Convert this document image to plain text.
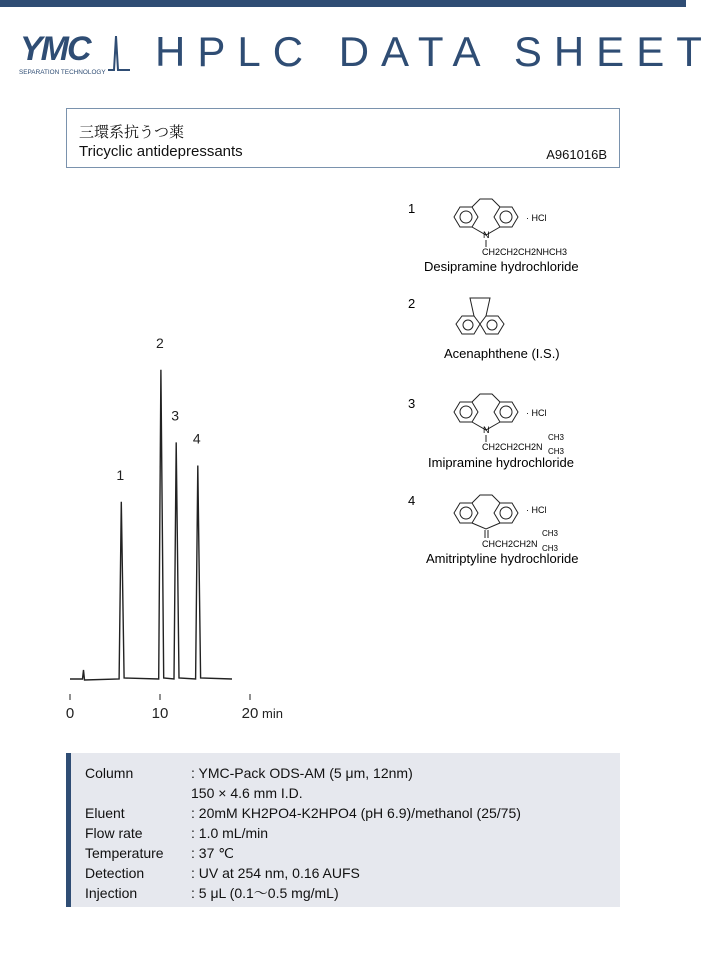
YMC
SEPARATION TECHNOLOGY HPLC DATA SHEET
三環系抗うつ薬
Tricyclic antidepressants	A961016B
0	10	20
1
2
3
4
min
1
N
· HCl
CH2CH2CH2NHCH3
Desipramine hydrochloride
2
Acenaphthene (I.S.)
3
N
· HCl
CH2CH2CH2N
CH3
CH3
Imipramine hydrochloride
4
· HCl
CHCH2CH2N
CH3
CH3
Amitriptyline hydrochloride
Column	: YMC-Pack ODS-AM (5 μm, 12nm)
	150 × 4.6 mm I.D.
Eluent	: 20mM KH2PO4-K2HPO4 (pH 6.9)/methanol (25/75)
Flow rate	: 1.0 mL/min
Temperature	: 37 ℃
Detection	: UV at 254 nm, 0.16 AUFS
Injection	: 5 μL (0.1〜0.5 mg/mL)
